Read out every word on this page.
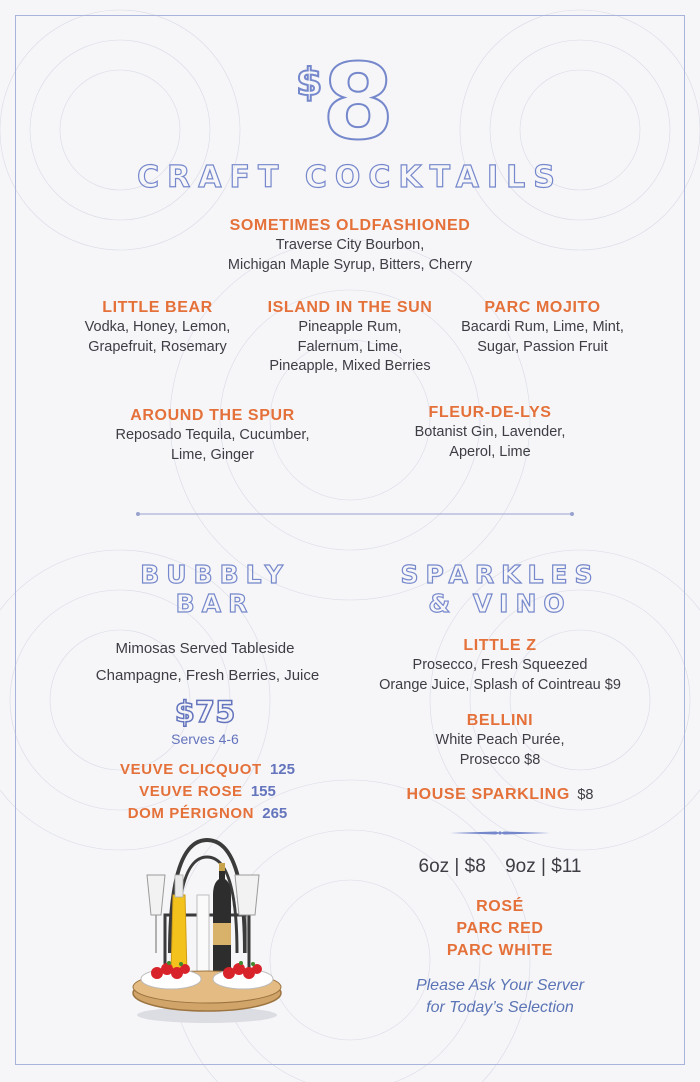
$ 8
CRAFT COCKTAILS
SOMETIMES OLDFASHIONED
Traverse City Bourbon,
Michigan Maple Syrup, Bitters, Cherry
LITTLE BEAR
Vodka, Honey, Lemon,
Grapefruit, Rosemary
ISLAND IN THE SUN
Pineapple Rum,
Falernum, Lime,
Pineapple, Mixed Berries
PARC MOJITO
Bacardi Rum, Lime, Mint,
Sugar, Passion Fruit
AROUND THE SPUR
Reposado Tequila, Cucumber,
Lime, Ginger
FLEUR-DE-LYS
Botanist Gin, Lavender,
Aperol, Lime
BUBBLY
BAR
Mimosas Served Tableside
Champagne, Fresh Berries, Juice
$75
Serves 4-6
VEUVE CLICQUOT 125
VEUVE ROSE 155
DOM PÉRIGNON 265
SPARKLES
& VINO
LITTLE Z
Prosecco, Fresh Squeezed
Orange Juice, Splash of Cointreau $9
BELLINI
White Peach Purée,
Prosecco $8
HOUSE SPARKLING $8
6oz | $8 9oz | $11
ROSÉ
PARC RED
PARC WHITE
Please Ask Your Server
for Today’s Selection
